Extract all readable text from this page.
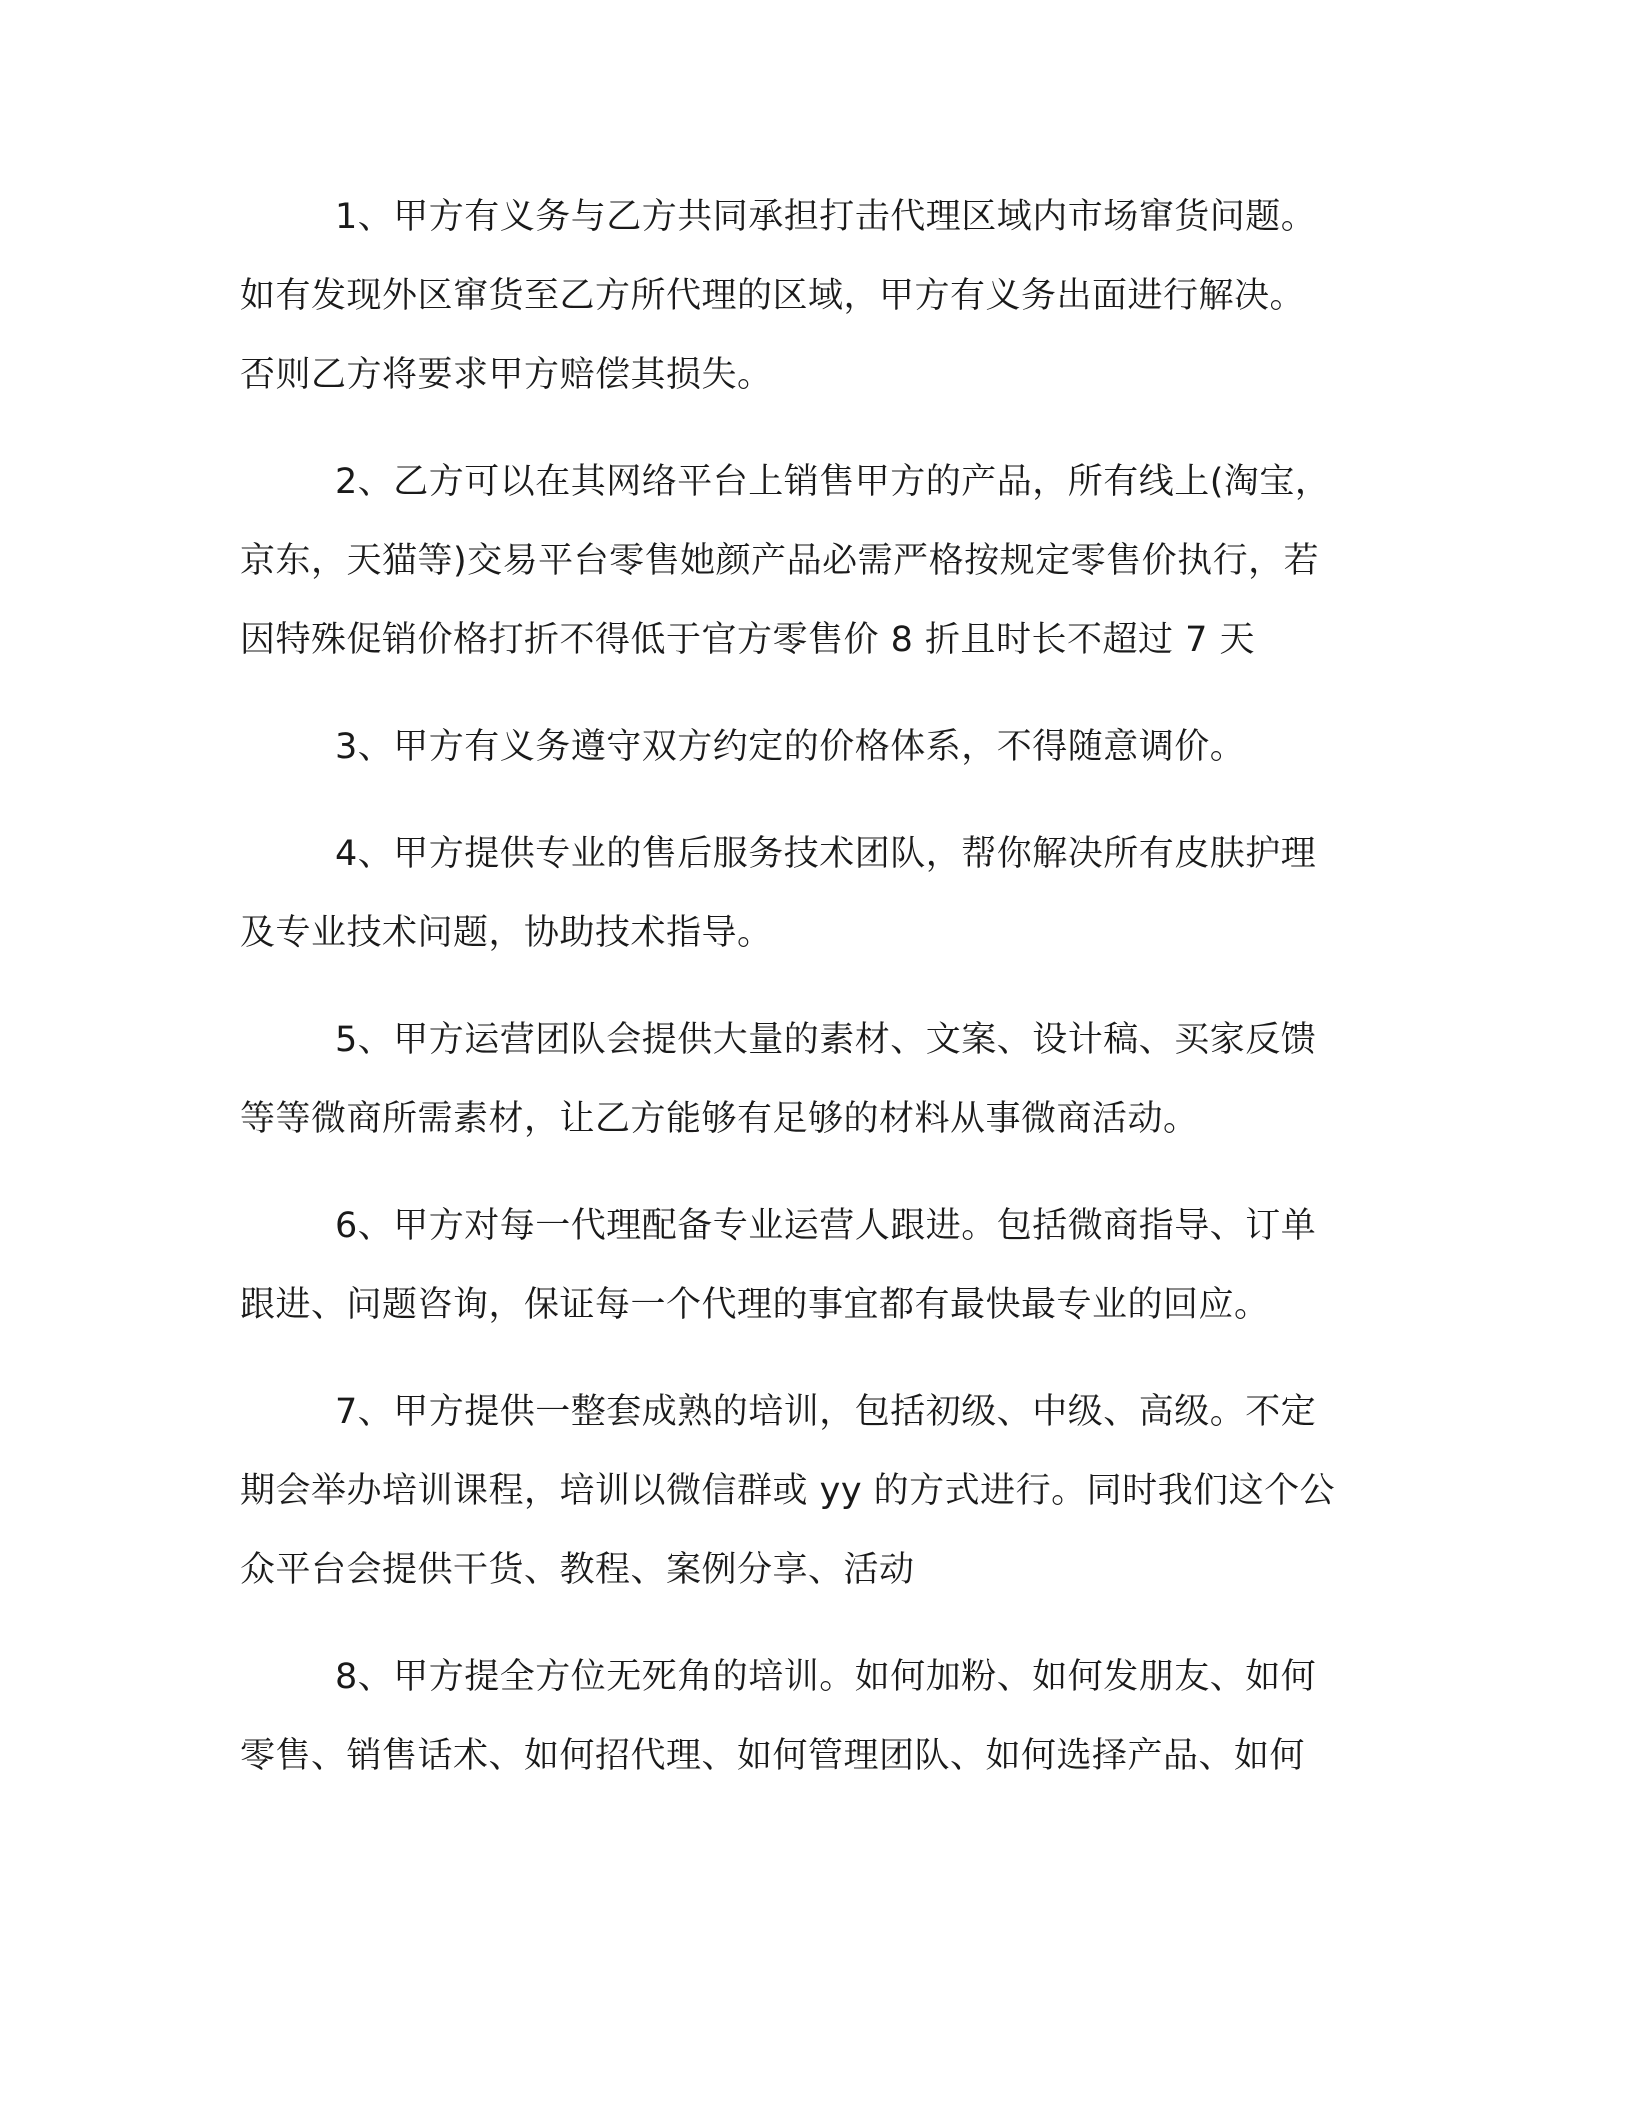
1、甲方有义务与乙方共同承担打击代理区域内市场窜货问题。
如有发现外区窜货至乙方所代理的区域，甲方有义务出面进行解决。
否则乙方将要求甲方赔偿其损失。

2、乙方可以在其网络平台上销售甲方的产品，所有线上(淘宝，
京东，天猫等)交易平台零售她颜产品必需严格按规定零售价执行，若
因特殊促销价格打折不得低于官方零售价 8 折且时长不超过 7 天

3、甲方有义务遵守双方约定的价格体系，不得随意调价。

4、甲方提供专业的售后服务技术团队，帮你解决所有皮肤护理
及专业技术问题，协助技术指导。

5、甲方运营团队会提供大量的素材、文案、设计稿、买家反馈
等等微商所需素材，让乙方能够有足够的材料从事微商活动。

6、甲方对每一代理配备专业运营人跟进。包括微商指导、订单
跟进、问题咨询，保证每一个代理的事宜都有最快最专业的回应。

7、甲方提供一整套成熟的培训，包括初级、中级、高级。不定
期会举办培训课程，培训以微信群或 yy 的方式进行。同时我们这个公
众平台会提供干货、教程、案例分享、活动

8、甲方提全方位无死角的培训。如何加粉、如何发朋友、如何
零售、销售话术、如何招代理、如何管理团队、如何选择产品、如何
